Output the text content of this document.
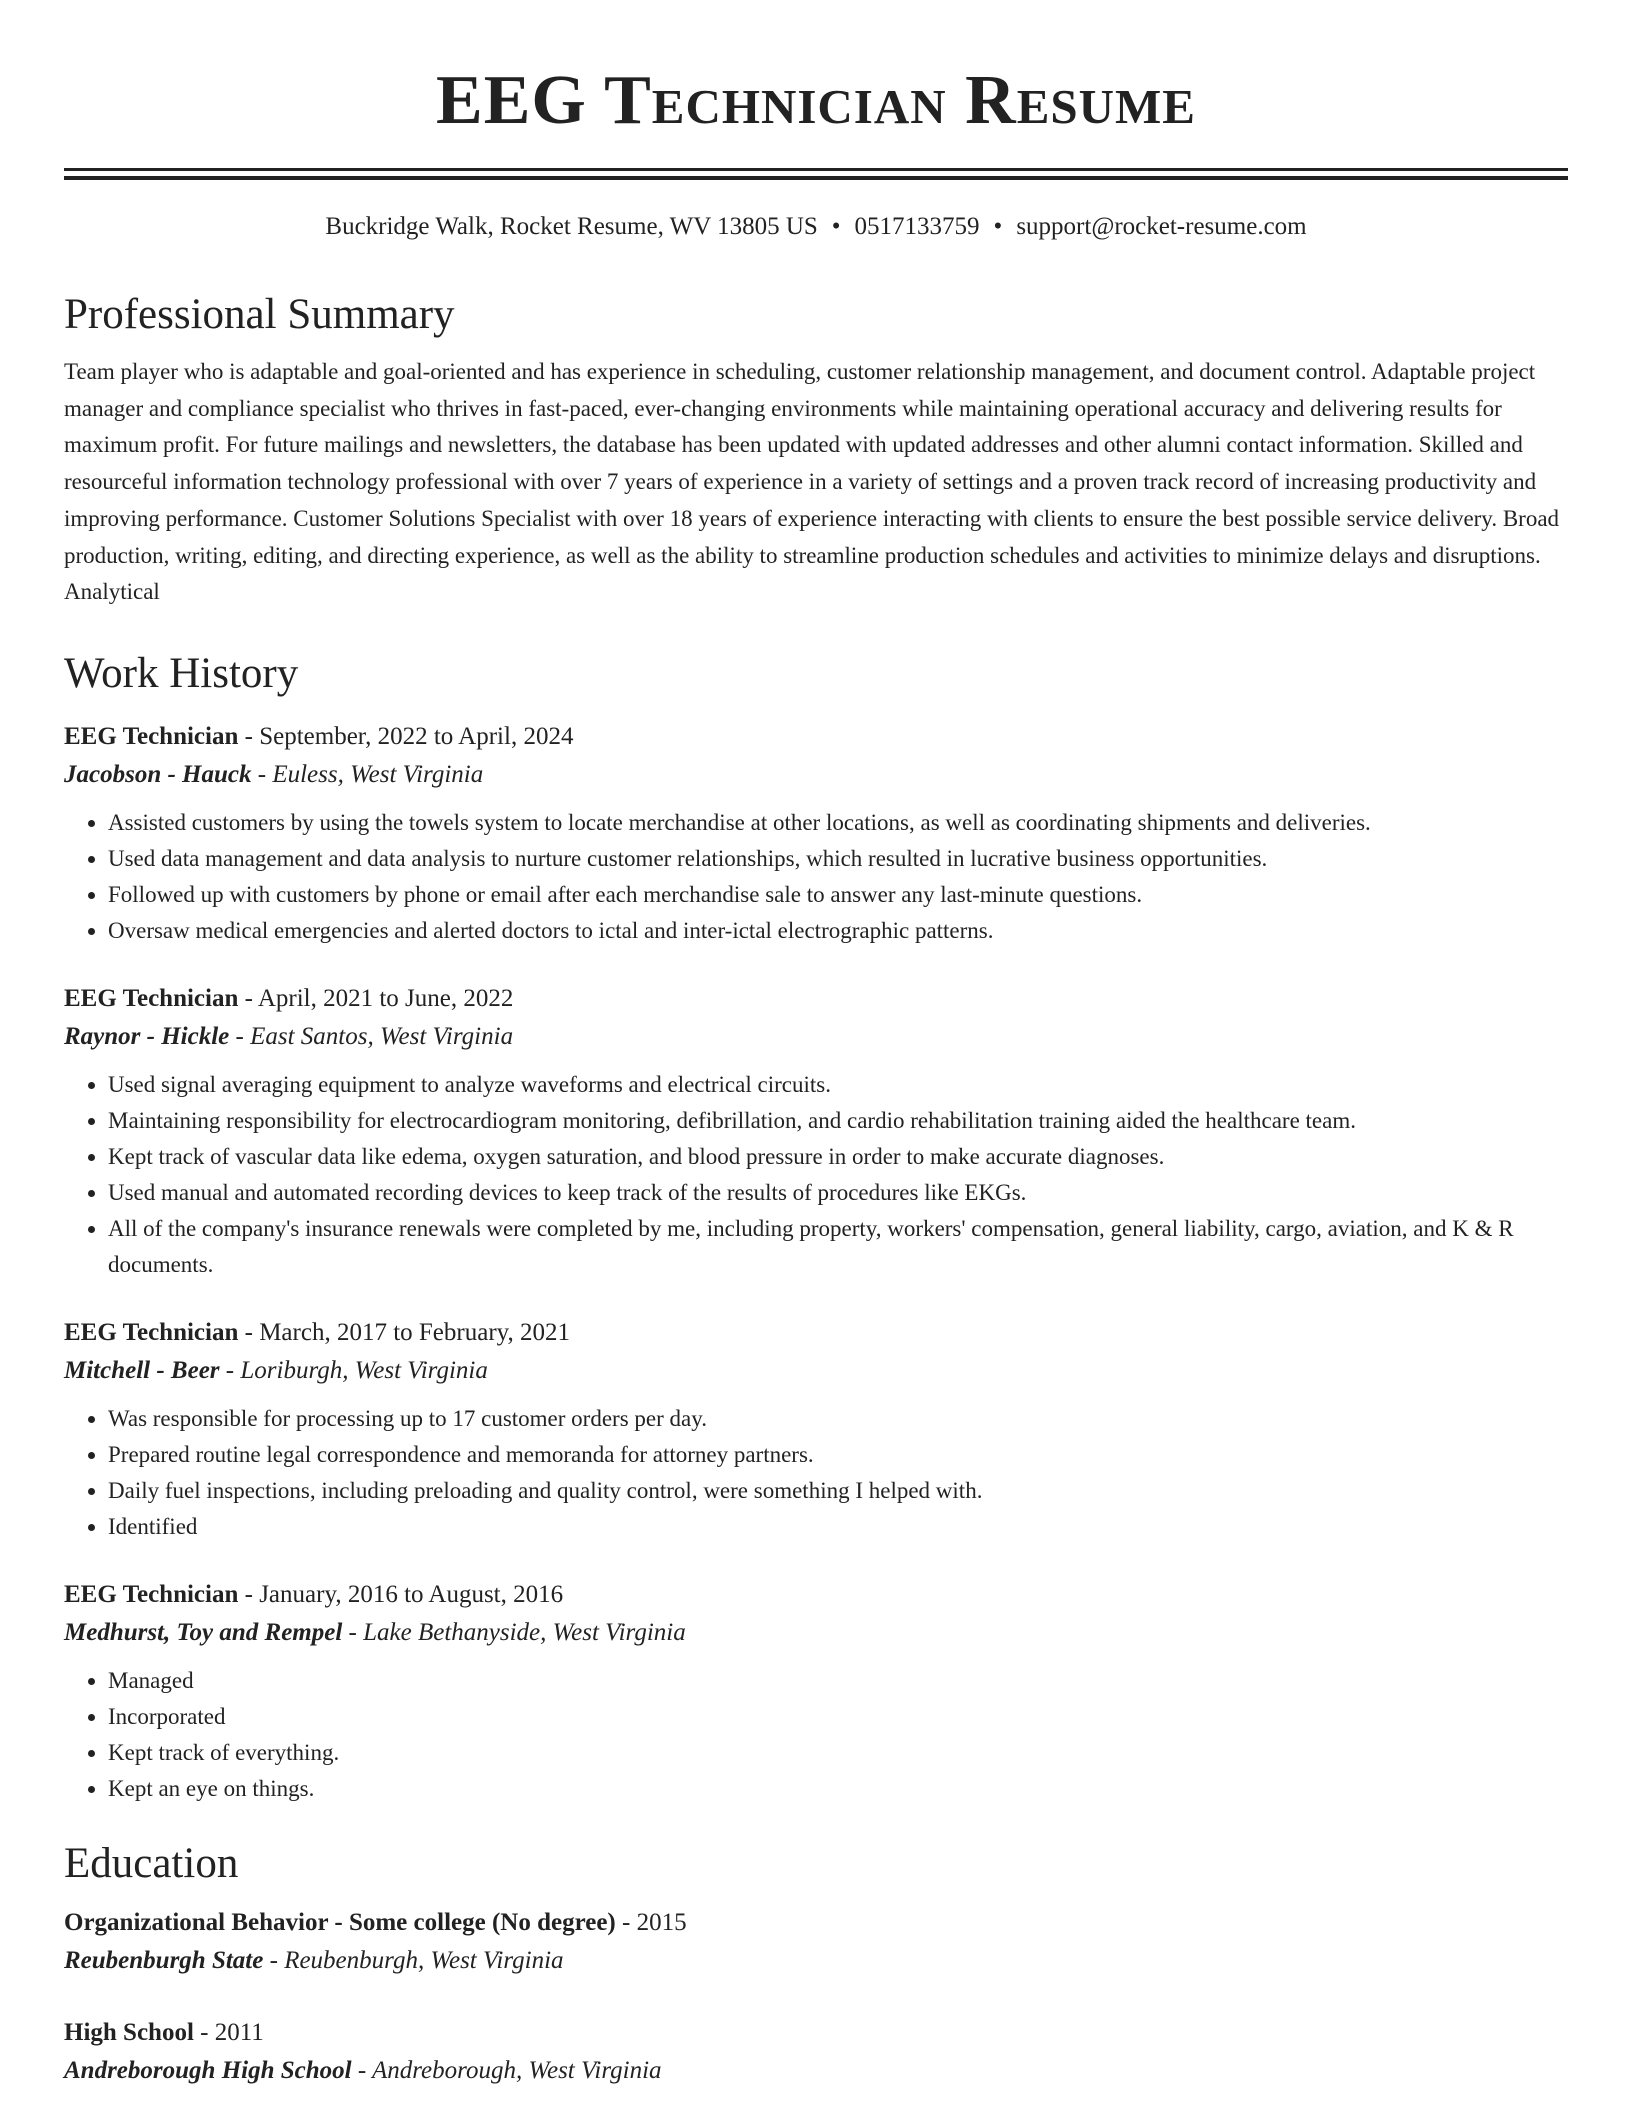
EEG Technician Resume
Buckridge Walk, Rocket Resume, WV 13805 US • 0517133759 • support@rocket-resume.com
Professional Summary

Team player who is adaptable and goal-oriented and has experience in scheduling, customer relationship management, and document control. Adaptable project manager and compliance specialist who thrives in fast-paced, ever-changing environments while maintaining operational accuracy and delivering results for maximum profit. For future mailings and newsletters, the database has been updated with updated addresses and other alumni contact information. Skilled and resourceful information technology professional with over 7 years of experience in a variety of settings and a proven track record of increasing productivity and improving performance. Customer Solutions Specialist with over 18 years of experience interacting with clients to ensure the best possible service delivery. Broad production, writing, editing, and directing experience, as well as the ability to streamline production schedules and activities to minimize delays and disruptions. Analytical

Work History
EEG Technician - September, 2022 to April, 2024
Jacobson - Hauck - Euless, West Virginia
• Assisted customers by using the towels system to locate merchandise at other locations, as well as coordinating shipments and deliveries.
• Used data management and data analysis to nurture customer relationships, which resulted in lucrative business opportunities.
• Followed up with customers by phone or email after each merchandise sale to answer any last-minute questions.
• Oversaw medical emergencies and alerted doctors to ictal and inter-ictal electrographic patterns.
EEG Technician - April, 2021 to June, 2022
Raynor - Hickle - East Santos, West Virginia
• Used signal averaging equipment to analyze waveforms and electrical circuits.
• Maintaining responsibility for electrocardiogram monitoring, defibrillation, and cardio rehabilitation training aided the healthcare team.
• Kept track of vascular data like edema, oxygen saturation, and blood pressure in order to make accurate diagnoses.
• Used manual and automated recording devices to keep track of the results of procedures like EKGs.
• All of the company's insurance renewals were completed by me, including property, workers' compensation, general liability, cargo, aviation, and K & R documents.
EEG Technician - March, 2017 to February, 2021
Mitchell - Beer - Loriburgh, West Virginia
• Was responsible for processing up to 17 customer orders per day.
• Prepared routine legal correspondence and memoranda for attorney partners.
• Daily fuel inspections, including preloading and quality control, were something I helped with.
• Identified
EEG Technician - January, 2016 to August, 2016
Medhurst, Toy and Rempel - Lake Bethanyside, West Virginia
• Managed
• Incorporated
• Kept track of everything.
• Kept an eye on things.
Education
Organizational Behavior - Some college (No degree) - 2015
Reubenburgh State - Reubenburgh, West Virginia
High School - 2011
Andreborough High School - Andreborough, West Virginia
